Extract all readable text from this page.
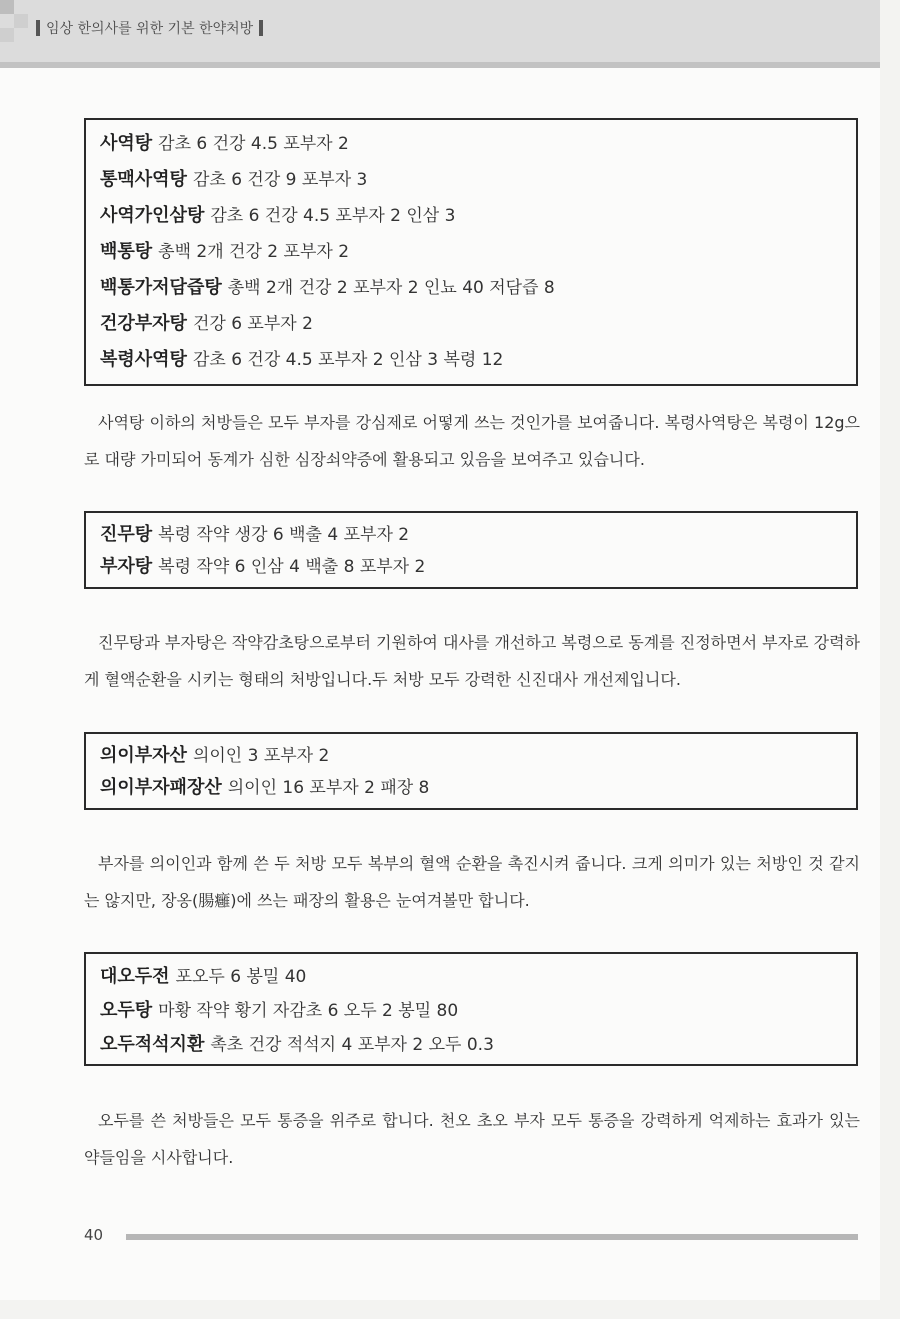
임상 한의사를 위한 기본 한약처방
사역탕 감초 6 건강 4.5 포부자 2
통맥사역탕 감초 6 건강 9 포부자 3
사역가인삼탕 감초 6 건강 4.5 포부자 2 인삼 3
백통탕 총백 2개 건강 2 포부자 2
백통가저담즙탕 총백 2개 건강 2 포부자 2 인뇨 40 저담즙 8
건강부자탕 건강 6 포부자 2
복령사역탕 감초 6 건강 4.5 포부자 2 인삼 3 복령 12
사역탕 이하의 처방들은 모두 부자를 강심제로 어떻게 쓰는 것인가를 보여줍니다. 복령사역탕은 복령이 12g으로 대량 가미되어 동계가 심한 심장쇠약증에 활용되고 있음을 보여주고 있습니다.
진무탕 복령 작약 생강 6 백출 4 포부자 2
부자탕 복령 작약 6 인삼 4 백출 8 포부자 2
진무탕과 부자탕은 작약감초탕으로부터 기원하여 대사를 개선하고 복령으로 동계를 진정하면서 부자로 강력하게 혈액순환을 시키는 형태의 처방입니다.두 처방 모두 강력한 신진대사 개선제입니다.
의이부자산 의이인 3 포부자 2
의이부자패장산 의이인 16 포부자 2 패장 8
부자를 의이인과 함께 쓴 두 처방 모두 복부의 혈액 순환을 촉진시켜 줍니다. 크게 의미가 있는 처방인 것 같지는 않지만, 장옹(腸癰)에 쓰는 패장의 활용은 눈여겨볼만 합니다.
대오두전 포오두 6 봉밀 40
오두탕 마황 작약 황기 자감초 6 오두 2 봉밀 80
오두적석지환 촉초 건강 적석지 4 포부자 2 오두 0.3
오두를 쓴 처방들은 모두 통증을 위주로 합니다. 천오 초오 부자 모두 통증을 강력하게 억제하는 효과가 있는 약들임을 시사합니다.
40
